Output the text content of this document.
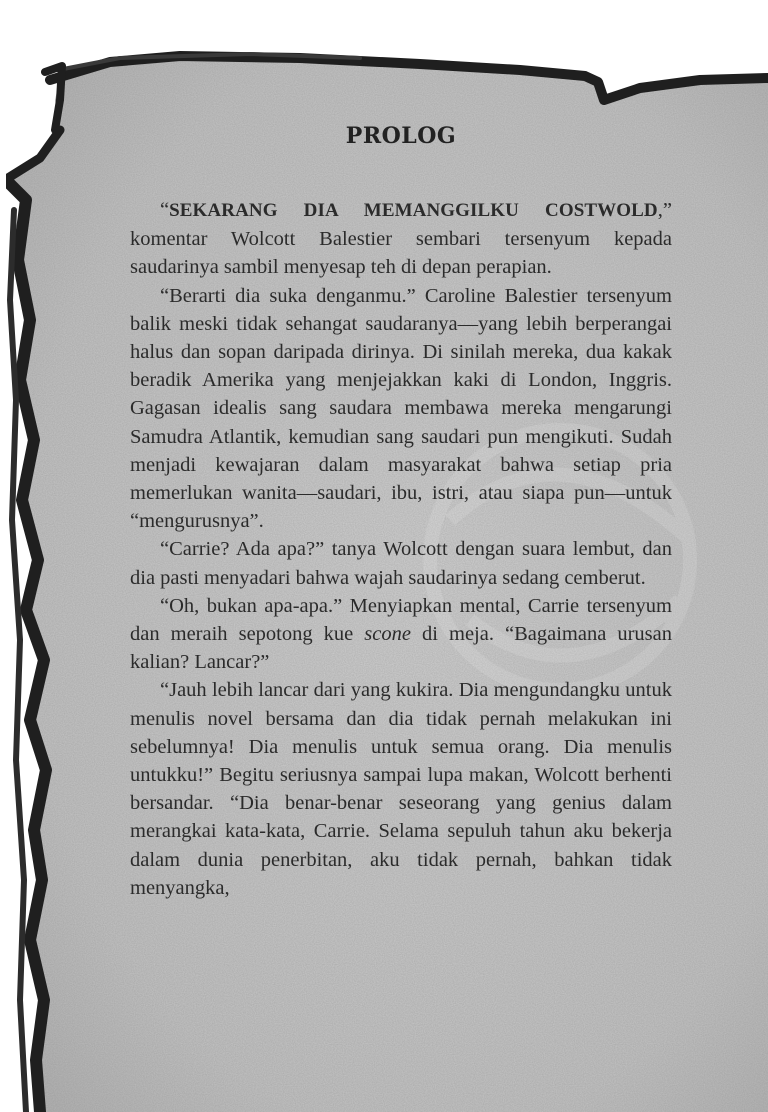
PROLOG

“SEKARANG DIA MEMANGGILKU COSTWOLD,” komentar Wolcott Balestier sembari tersenyum kepada saudarinya sambil menyesap teh di depan perapian.

“Berarti dia suka denganmu.” Caroline Balestier tersenyum balik meski tidak sehangat saudaranya—yang lebih berperangai halus dan sopan daripada dirinya. Di sinilah mereka, dua kakak beradik Amerika yang menjejakkan kaki di London, Inggris. Gagasan idealis sang saudara membawa mereka mengarungi Samudra Atlantik, kemudian sang saudari pun mengikuti. Sudah menjadi kewajaran dalam masyarakat bahwa setiap pria memerlukan wanita—saudari, ibu, istri, atau siapa pun—untuk “mengurusnya”.

“Carrie? Ada apa?” tanya Wolcott dengan suara lembut, dan dia pasti menyadari bahwa wajah saudarinya sedang cemberut.

“Oh, bukan apa-apa.” Menyiapkan mental, Carrie tersenyum dan meraih sepotong kue scone di meja. “Bagaimana urusan kalian? Lancar?”

“Jauh lebih lancar dari yang kukira. Dia mengundangku untuk menulis novel bersama dan dia tidak pernah melakukan ini sebelumnya! Dia menulis untuk semua orang. Dia menulis untukku!” Begitu seriusnya sampai lupa makan, Wolcott berhenti bersandar. “Dia benar-benar seseorang yang genius dalam merangkai kata-kata, Carrie. Selama sepuluh tahun aku bekerja dalam dunia penerbitan, aku tidak pernah, bahkan tidak menyangka,
